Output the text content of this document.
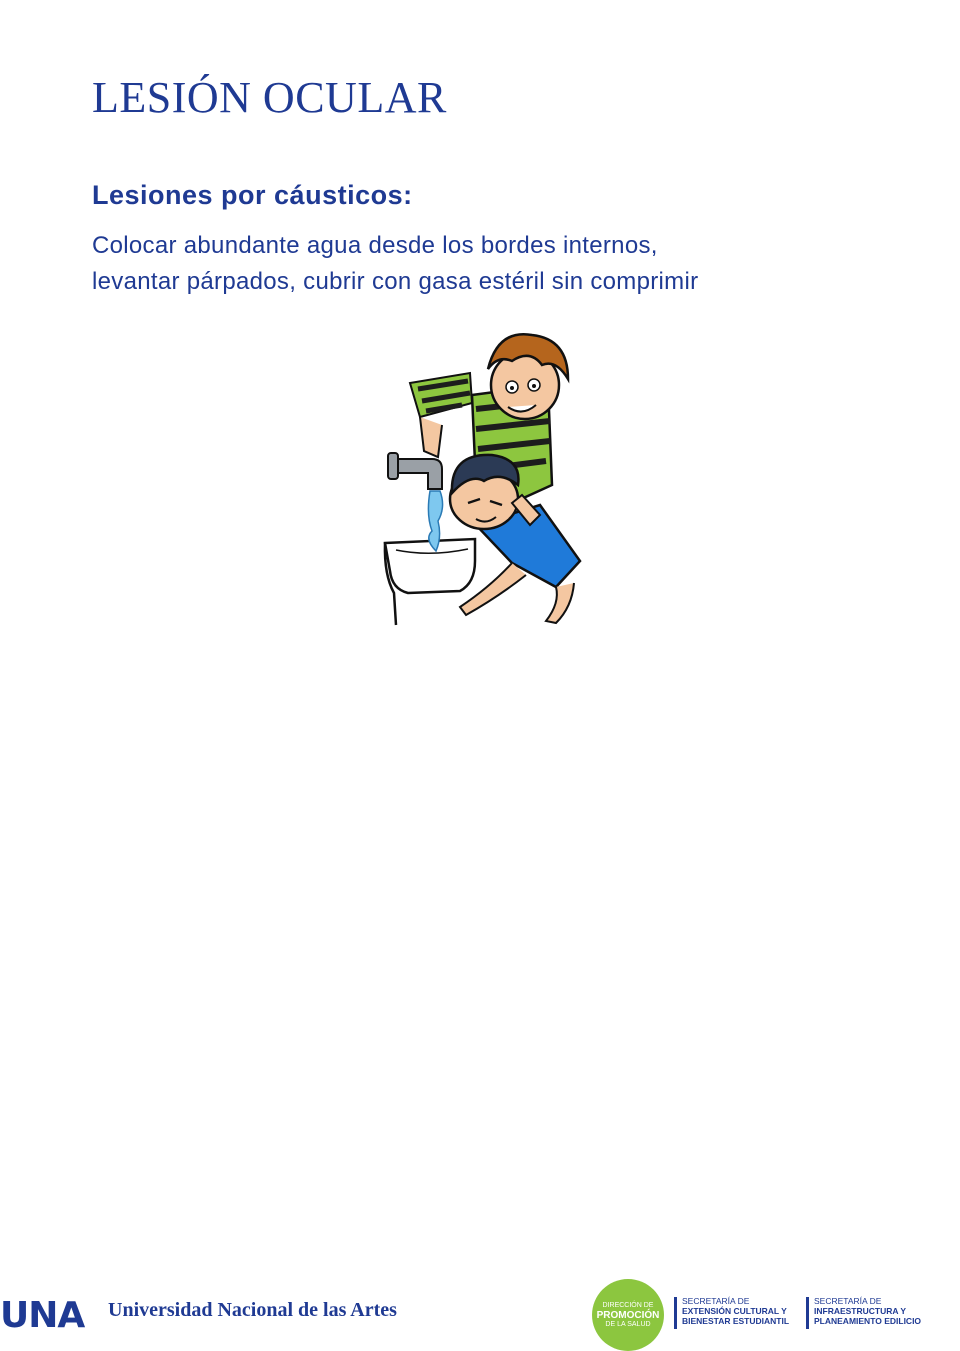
LESIÓN OCULAR
Lesiones por cáusticos:
Colocar abundante agua desde los bordes internos,
levantar párpados, cubrir con gasa estéril sin comprimir
UNA Universidad Nacional de las Artes	DIRECCIÓN DE
PROMOCIÓN
DE LA SALUD
SECRETARÍA DE
EXTENSIÓN CULTURAL Y
BIENESTAR ESTUDIANTIL
SECRETARÍA DE
INFRAESTRUCTURA Y
PLANEAMIENTO EDILICIO
